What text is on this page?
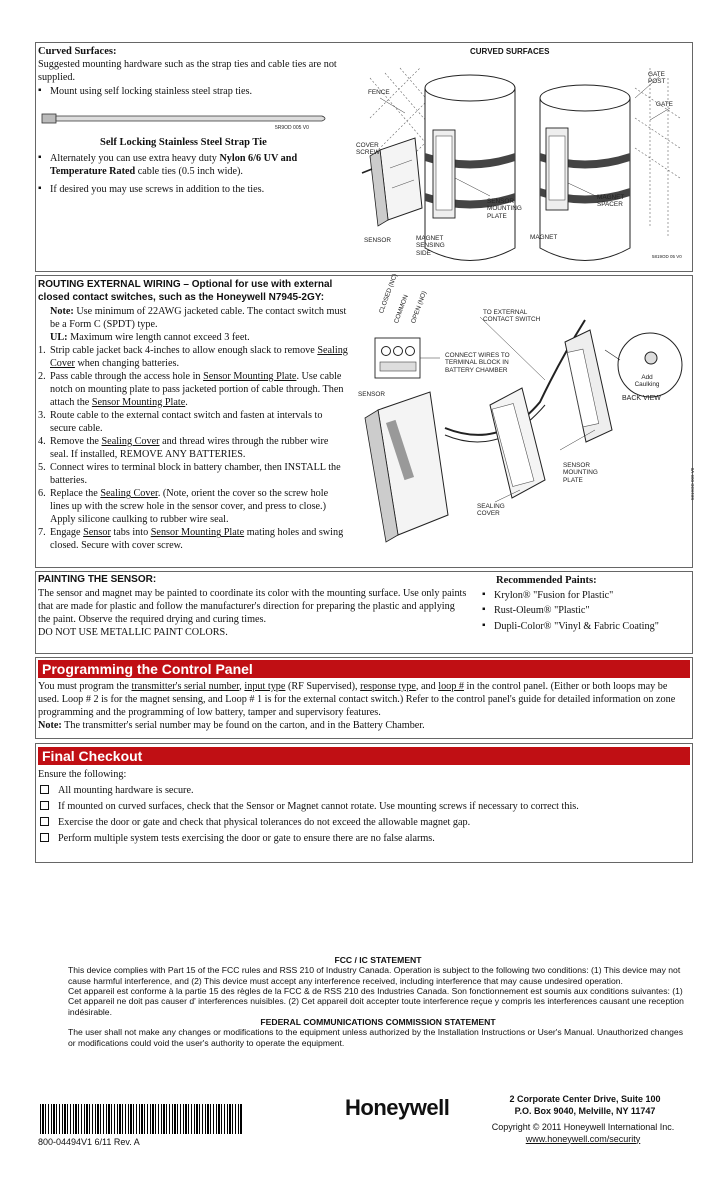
Curved Surfaces:
Suggested mounting hardware such as the strap ties and cable ties are not supplied.
▪ Mount using self locking stainless steel strap ties.
5R9OD 005 V0
Self Locking Stainless Steel Strap Tie
▪ Alternately you can use extra heavy duty Nylon 6/6 UV and Temperature Rated cable ties (0.5 inch wide).
▪ If desired you may use screws in addition to the ties.
CURVED SURFACES
FENCE
GATE POST
GATE
COVER SCREW
SENSOR MOUNTING PLATE
MAGNET SPACER
SENSOR	MAGNET SENSING SIDE
MAGNET
5819OD 05 V0
ROUTING EXTERNAL WIRING – Optional for use with external closed contact switches, such as the Honeywell N7945-2GY:
Note: Use minimum of 22AWG jacketed cable. The contact switch must be a Form C (SPDT) type.
UL: Maximum wire length cannot exceed 3 feet.
1. Strip cable jacket back 4-inches to allow enough slack to remove Sealing Cover when changing batteries.
2. Pass cable through the access hole in Sensor Mounting Plate. Use cable notch on mounting plate to pass jacketed portion of cable through. Then attach the Sensor Mounting Plate.
3. Route cable to the external contact switch and fasten at intervals to secure cable.
4. Remove the Sealing Cover and thread wires through the rubber wire seal. If installed, REMOVE ANY BATTERIES.
5. Connect wires to terminal block in battery chamber, then INSTALL the batteries.
6. Replace the Sealing Cover. (Note, orient the cover so the screw hole lines up with the screw hole in the sensor cover, and press to close.) Apply silicone caulking to rubber wire seal.
7. Engage Sensor tabs into Sensor Mounting Plate mating holes and swing closed. Secure with cover screw.
CLOSED (NC)
COMMON OPEN (NO)	TO EXTERNAL CONTACT SWITCH
CONNECT WIRES TO TERMINAL BLOCK IN BATTERY CHAMBER
SENSOR
Add Caulking
BACK VIEW
SENSOR MOUNTING PLATE
SEALING COVER
5819OD 009 V0
PAINTING THE SENSOR:
The sensor and magnet may be painted to coordinate its color with the mounting surface. Use only paints that are made for plastic and follow the manufacturer's direction for preparing the plastic and applying the paint. Observe the required drying and curing times.
DO NOT USE METALLIC PAINT COLORS.
Recommended Paints:
▪ Krylon® "Fusion for Plastic"
▪ Rust-Oleum® "Plastic"
▪ Dupli-Color® "Vinyl & Fabric Coating"
Programming the Control Panel
You must program the transmitter's serial number, input type (RF Supervised), response type, and loop # in the control panel. (Either or both loops may be used. Loop # 2 is for the magnet sensing, and Loop # 1 is for the external contact switch.) Refer to the control panel's guide for detailed information on zone programming and the programming of low battery, tamper and supervisory features.
Note: The transmitter's serial number may be found on the carton, and in the Battery Chamber.
Final Checkout
Ensure the following:
All mounting hardware is secure.
If mounted on curved surfaces, check that the Sensor or Magnet cannot rotate. Use mounting screws if necessary to correct this.
Exercise the door or gate and check that physical tolerances do not exceed the allowable magnet gap.
Perform multiple system tests exercising the door or gate to ensure there are no false alarms.
FCC / IC STATEMENT
This device complies with Part 15 of the FCC rules and RSS 210 of Industry Canada. Operation is subject to the following two conditions: (1) This device may not cause harmful interference, and (2) This device must accept any interference received, including interference that may cause undesired operation.
Cet appareil est conforme à la partie 15 des règles de la FCC & de RSS 210 des Industries Canada. Son fonctionnement est soumis aux conditions suivantes: (1) Cet appareil ne doit pas causer d' interferences nuisibles. (2) Cet appareil doit accepter toute interference reçue y compris les interferences causant une reception indésirable.
FEDERAL COMMUNICATIONS COMMISSION STATEMENT
The user shall not make any changes or modifications to the equipment unless authorized by the Installation Instructions or User's Manual. Unauthorized changes or modifications could void the user's authority to operate the equipment.
800-04494V1 6/11 Rev. A
Honeywell	2 Corporate Center Drive, Suite 100
P.O. Box 9040, Melville, NY 11747
Copyright © 2011 Honeywell International Inc.
www.honeywell.com/security
